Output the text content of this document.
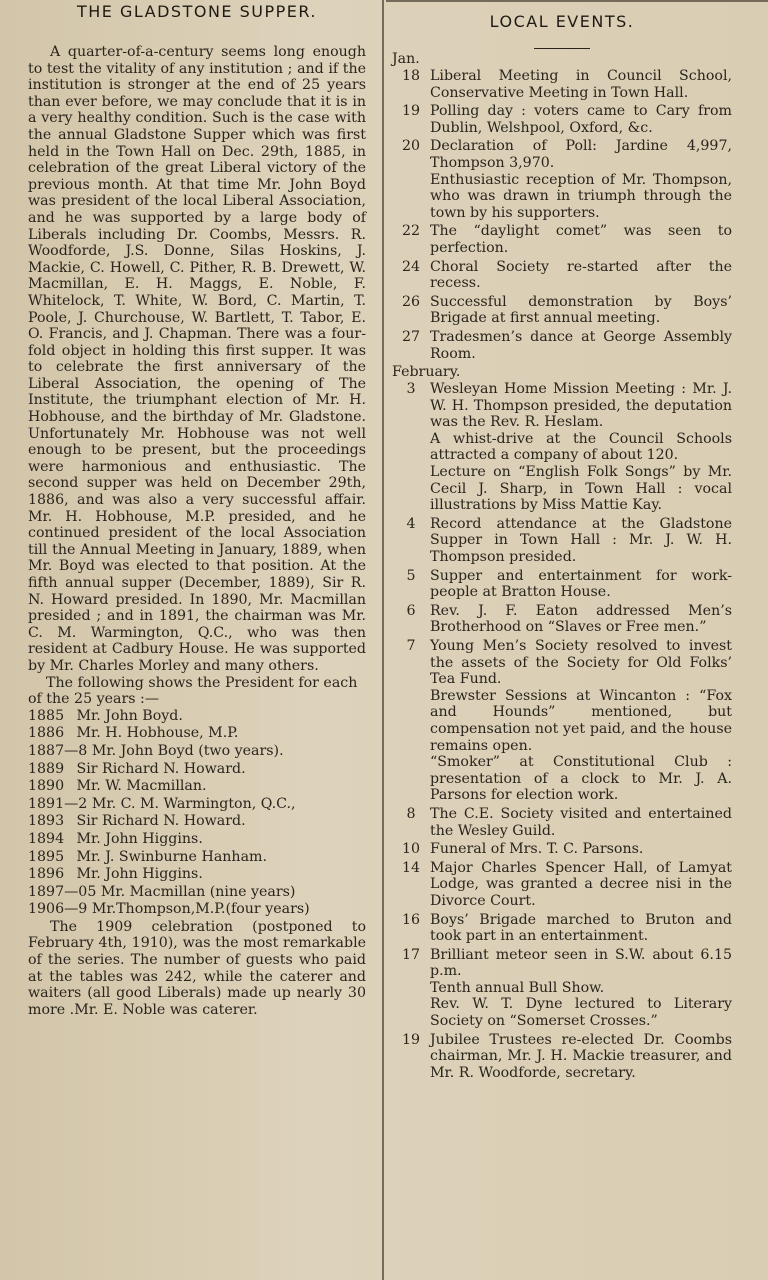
THE GLADSTONE SUPPER.

A quarter-of-a-century seems long enough to test the vitality of any institution ; and if the institution is stronger at the end of 25 years than ever before, we may conclude that it is in a very healthy condition. Such is the case with the annual Gladstone Supper which was first held in the Town Hall on Dec. 29th, 1885, in celebration of the great Liberal victory of the previous month. At that time Mr. John Boyd was president of the local Liberal Association, and he was supported by a large body of Liberals including Dr. Coombs, Messrs. R. Woodforde, J.S. Donne, Silas Hoskins, J. Mackie, C. Howell, C. Pither, R. B. Drewett, W. Macmillan, E. H. Maggs, E. Noble, F. Whitelock, T. White, W. Bord, C. Martin, T. Poole, J. Churchouse, W. Bartlett, T. Tabor, E. O. Francis, and J. Chapman. There was a four-fold object in holding this first supper. It was to celebrate the first anniversary of the Liberal Association, the opening of The Institute, the triumphant election of Mr. H. Hobhouse, and the birthday of Mr. Gladstone. Unfortunately Mr. Hobhouse was not well enough to be present, but the proceedings were harmonious and enthusiastic. The second supper was held on December 29th, 1886, and was also a very successful affair. Mr. H. Hobhouse, M.P. presided, and he continued president of the local Association till the Annual Meeting in January, 1889, when Mr. Boyd was elected to that position. At the fifth annual supper (December, 1889), Sir R. N. Howard presided. In 1890, Mr. Macmillan presided ; and in 1891, the chairman was Mr. C. M. Warmington, Q.C., who was then resident at Cadbury House. He was supported by Mr. Charles Morley and many others.

The following shows the President for each of the 25 years :—

1885 Mr. John Boyd.
1886 Mr. H. Hobhouse, M.P.
1887—8 Mr. John Boyd (two years).
1889 Sir Richard N. Howard.
1890 Mr. W. Macmillan.
1891—2 Mr. C. M. Warmington, Q.C.,
1893 Sir Richard N. Howard.
1894 Mr. John Higgins.
1895 Mr. J. Swinburne Hanham.
1896 Mr. John Higgins.
1897—05 Mr. Macmillan (nine years)
1906—9 Mr.Thompson,M.P.(four years)

The 1909 celebration (postponed to February 4th, 1910), was the most remarkable of the series. The number of guests who paid at the tables was 242, while the caterer and waiters (all good Liberals) made up nearly 30 more .Mr. E. Noble was caterer.

LOCAL EVENTS.

Jan.

18 Liberal Meeting in Council School, Conservative Meeting in Town Hall.

19 Polling day : voters came to Cary from Dublin, Welshpool, Oxford, &c.

20 Declaration of Poll: Jardine 4,997, Thompson 3,970.

Enthusiastic reception of Mr. Thompson, who was drawn in triumph through the town by his supporters.

22 The “daylight comet” was seen to perfection.

24 Choral Society re-started after the recess.

26 Successful demonstration by Boys’ Brigade at first annual meeting.

27 Tradesmen’s dance at George Assembly Room.

February.

3	Wesleyan Home Mission Meeting : Mr. J. W. H. Thompson presided, the deputation was the Rev. R. Heslam.

A whist-drive at the Council Schools attracted a company of about 120.

Lecture on “English Folk Songs” by Mr. Cecil J. Sharp, in Town Hall : vocal illustrations by Miss Mattie Kay.

4	Record attendance at the Gladstone Supper in Town Hall : Mr. J. W. H. Thompson presided.

5	Supper and entertainment for work-people at Bratton House.

6	Rev. J. F. Eaton addressed Men’s Brotherhood on “Slaves or Free men.”

7	Young Men’s Society resolved to invest the assets of the Society for Old Folks’ Tea Fund.

Brewster Sessions at Wincanton : “Fox and Hounds” mentioned, but compensation not yet paid, and the house remains open.

“Smoker” at Constitutional Club : presentation of a clock to Mr. J. A. Parsons for election work.

8	The C.E. Society visited and entertained the Wesley Guild.

10 Funeral of Mrs. T. C. Parsons.

14 Major Charles Spencer Hall, of Lamyat Lodge, was granted a decree nisi in the Divorce Court.

16 Boys’ Brigade marched to Bruton and took part in an entertainment.

17 Brilliant meteor seen in S.W. about 6.15 p.m.

Tenth annual Bull Show.

Rev. W. T. Dyne lectured to Literary Society on “Somerset Crosses.”

19 Jubilee Trustees re-elected Dr. Coombs chairman, Mr. J. H. Mackie treasurer, and Mr. R. Woodforde, secretary.
